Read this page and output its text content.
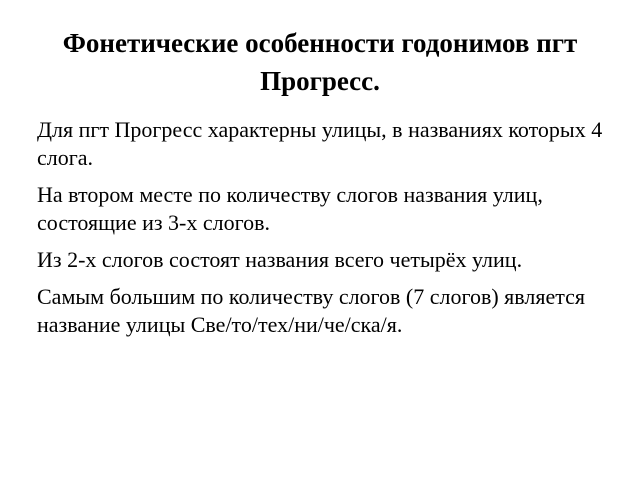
Фонетические особенности годонимов пгт Прогресс.

Для пгт Прогресс характерны улицы, в названиях которых 4 слога.

На втором месте по количеству слогов названия улиц, состоящие из 3-х слогов.

Из 2-х слогов состоят названия всего четырёх улиц.

Самым большим по количеству слогов (7 слогов) является название улицы Све/то/тех/ни/че/ска/я.
